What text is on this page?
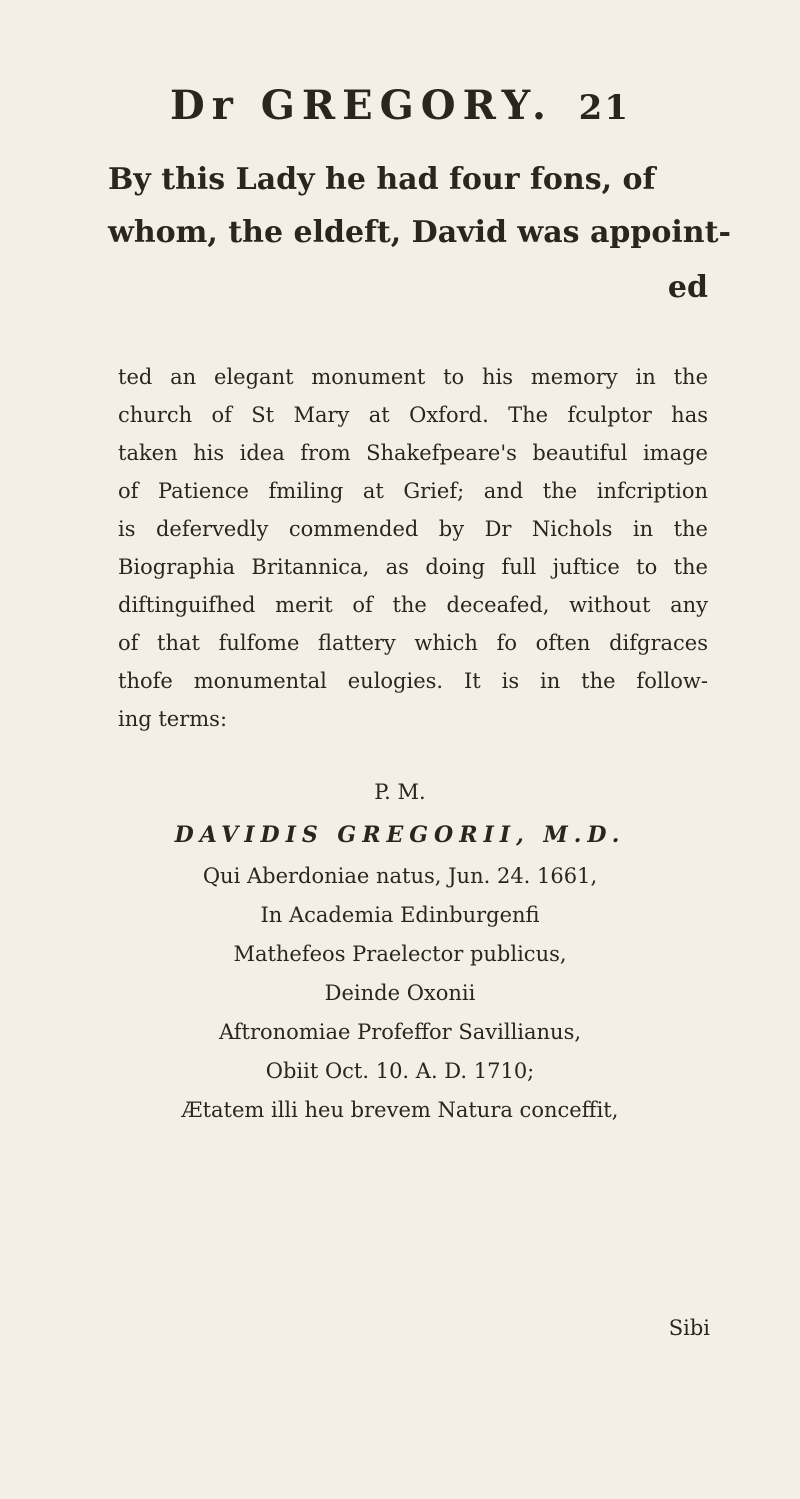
Dr GREGORY. 21
By this Lady he had four fons, of
whom, the eldeft, David was appoint-
ed
ted an elegant monument to his memory in the
church of St Mary at Oxford. The fculptor has
taken his idea from Shakefpeare's beautiful image
of Patience fmiling at Grief; and the infcription
is defervedly commended by Dr Nichols in the
Biographia Britannica, as doing full juftice to the
diftinguifhed merit of the deceafed, without any
of that fulfome flattery which fo often difgraces
thofe monumental eulogies. It is in the follow-
ing terms:
P. M.
DAVIDIS GREGORII, M.D.
Qui Aberdoniae natus, Jun. 24. 1661,
In Academia Edinburgenfi
Mathefeos Praelector publicus,
Deinde Oxonii
Aftronomiae Profeffor Savillianus,
Obiit Oct. 10. A. D. 1710;
Ætatem illi heu brevem Natura conceffit,
Sibi
